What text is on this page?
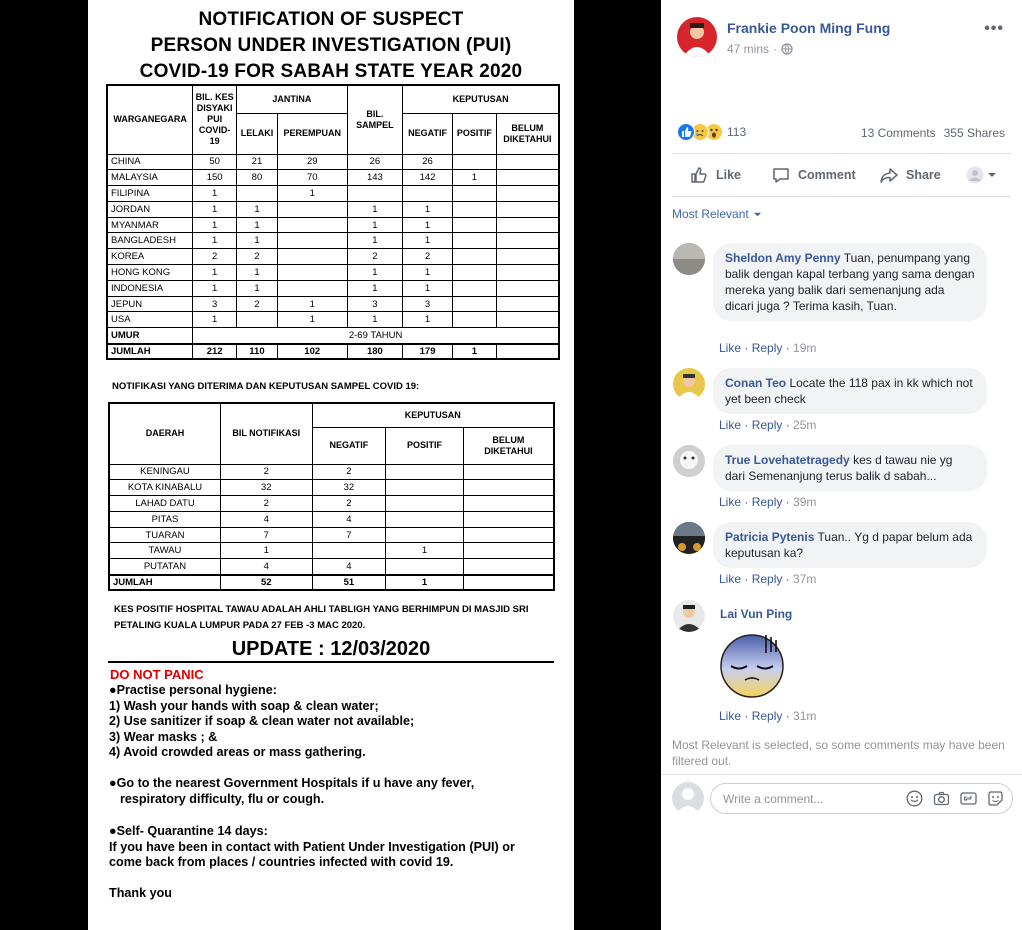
NOTIFICATION OF SUSPECT
PERSON UNDER INVESTIGATION (PUI)
COVID-19 FOR SABAH STATE YEAR 2020
WARGANEGARA	BIL. KES
DISYAKI
PUI
COVID-
19	JANTINA		BIL.
SAMPEL	KEPUTUSAN		
		LELAKI	PEREMPUAN		NEGATIF	POSITIF	BELUM
DIKETAHUI
CHINA	50	21	29	26	26		
MALAYSIA	150	80	70	143	142	1	
FILIPINA	1		1				
JORDAN	1	1		1	1		
MYANMAR	1	1		1	1		
BANGLADESH	1	1		1	1		
KOREA	2	2		2	2		
HONG KONG	1	1		1	1		
INDONESIA	1	1		1	1		
JEPUN	3	2	1	3	3		
USA	1		1	1	1		
UMUR	2-69 TAHUN						
JUMLAH	212	110	102	180	179	1	
NOTIFIKASI YANG DITERIMA DAN KEPUTUSAN SAMPEL COVID 19:
DAERAH	BIL NOTIFIKASI	KEPUTUSAN		
		NEGATIF	POSITIF	BELUM
DIKETAHUI
KENINGAU	2	2		
KOTA KINABALU	32	32		
LAHAD DATU	2	2		
PITAS	4	4		
TUARAN	7	7		
TAWAU	1		1	
PUTATAN	4	4		
JUMLAH	52	51	1	
KES POSITIF HOSPITAL TAWAU ADALAH AHLI TABLIGH YANG BERHIMPUN DI MASJID SRI
PETALING KUALA LUMPUR PADA 27 FEB -3 MAC 2020.
UPDATE : 12/03/2020
DO NOT PANIC
●Practise personal hygiene:
1) Wash your hands with soap & clean water;
2) Use sanitizer if soap & clean water not available;
3) Wear masks ; &
4) Avoid crowded areas or mass gathering.
●Go to the nearest Government Hospitals if u have any fever,
respiratory difficulty, flu or cough.
●Self- Quarantine 14 days:
If you have been in contact with Patient Under Investigation (PUI) or
come back from places / countries infected with covid 19.
Thank you
Frankie Poon Ming Fung
47 mins ·
•••
113	13 Comments 355 Shares
Like	Comment	Share
Most Relevant
Sheldon Amy Penny Tuan, penumpang yang balik dengan kapal terbang yang sama dengan mereka yang balik dari semenanjung ada dicari juga ? Terima kasih, Tuan.
Like · Reply · 19m
Conan Teo Locate the 118 pax in kk which not yet been check
Like · Reply · 25m
True Lovehatetragedy kes d tawau nie yg dari Semenanjung terus balik d sabah...
Like · Reply · 39m
Patricia Pytenis Tuan.. Yg d papar belum ada keputusan ka?
Like · Reply · 37m
Lai Vun Ping
Like · Reply · 31m
Most Relevant is selected, so some comments may have been filtered out.
Write a comment...
